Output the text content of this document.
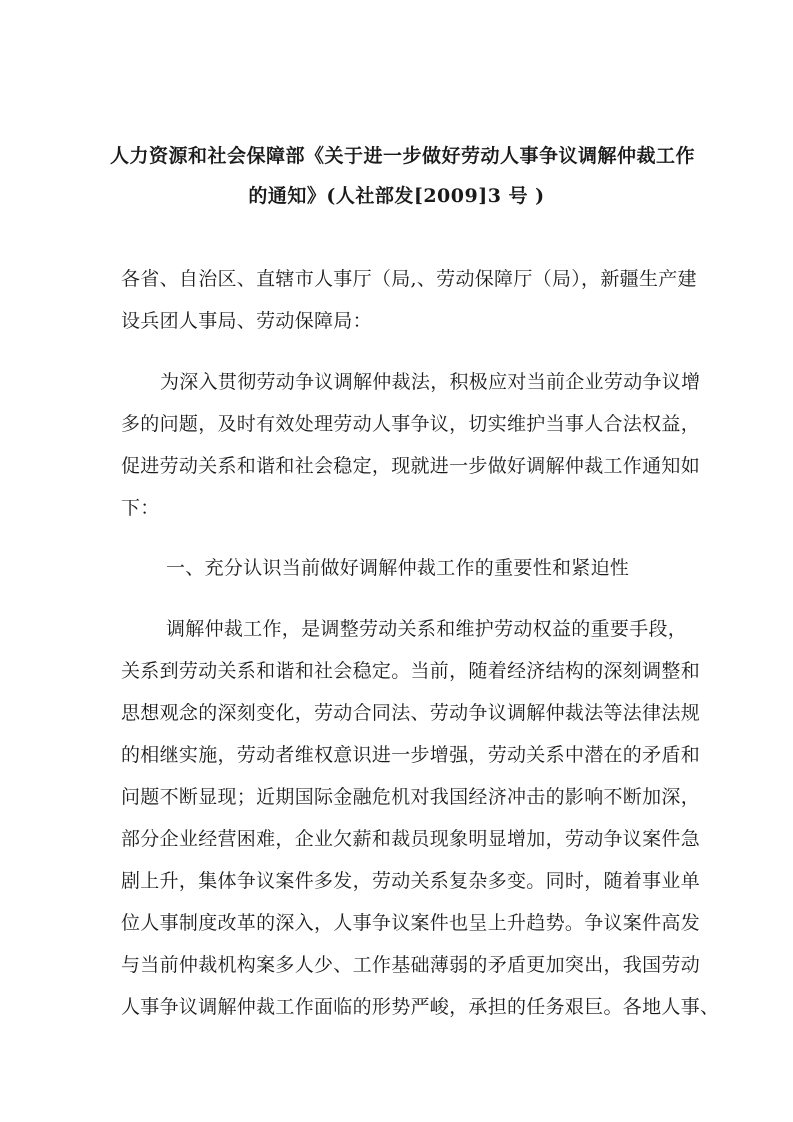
人力资源和社会保障部《关于进一步做好劳动人事争议调解仲裁工作
的通知》(人社部发[2009]3 号 )
各省、自治区、直辖市人事厅（局,、劳动保障厅（局），新疆生产建
设兵团人事局、劳动保障局：
为深入贯彻劳动争议调解仲裁法，积极应对当前企业劳动争议增
多的问题，及时有效处理劳动人事争议，切实维护当事人合法权益，
促进劳动关系和谐和社会稳定，现就进一步做好调解仲裁工作通知如
下：
一、充分认识当前做好调解仲裁工作的重要性和紧迫性
调解仲裁工作，是调整劳动关系和维护劳动权益的重要手段，
关系到劳动关系和谐和社会稳定。当前，随着经济结构的深刻调整和
思想观念的深刻变化，劳动合同法、劳动争议调解仲裁法等法律法规
的相继实施，劳动者维权意识进一步增强，劳动关系中潜在的矛盾和
问题不断显现；近期国际金融危机对我国经济冲击的影响不断加深，
部分企业经营困难，企业欠薪和裁员现象明显增加，劳动争议案件急
剧上升，集体争议案件多发，劳动关系复杂多变。同时，随着事业单
位人事制度改革的深入，人事争议案件也呈上升趋势。争议案件高发
与当前仲裁机构案多人少、工作基础薄弱的矛盾更加突出，我国劳动
人事争议调解仲裁工作面临的形势严峻，承担的任务艰巨。各地人事、
